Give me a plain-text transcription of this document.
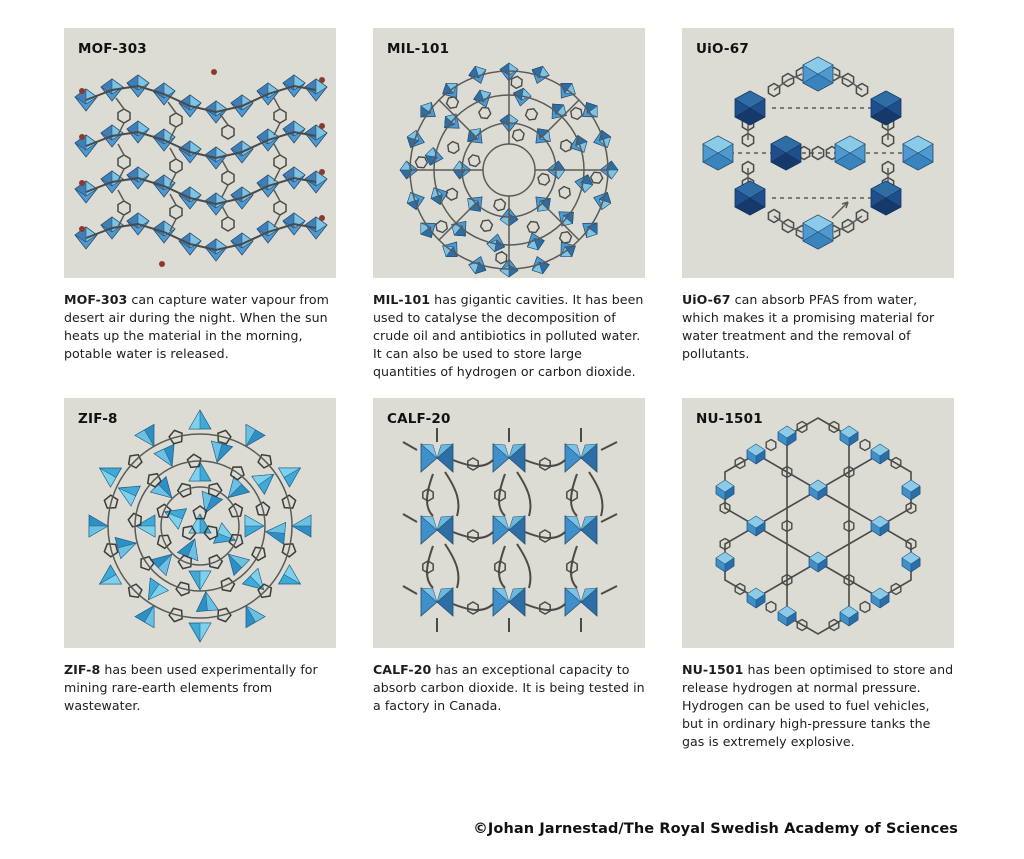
MOF-303
MOF-303 can capture water vapour from desert air during the night. When the sun heats up the material in the morning, potable water is released.
MIL-101
MIL-101 has gigantic cavities. It has been used to catalyse the decomposition of crude oil and antibiotics in polluted water. It can also be used to store large quantities of hydrogen or carbon dioxide.
UiO-67
UiO-67 can absorb PFAS from water, which makes it a promising material for water treatment and the removal of pollutants.
ZIF-8
ZIF-8 has been used experimentally for mining rare-earth elements from wastewater.
CALF-20
CALF-20 has an exceptional capacity to absorb carbon dioxide. It is being tested in a factory in Canada.
NU-1501
NU-1501 has been optimised to store and release hydrogen at normal pressure. Hydrogen can be used to fuel vehicles, but in ordinary high-pressure tanks the gas is extremely explosive.
©Johan Jarnestad/The Royal Swedish Academy of Sciences
